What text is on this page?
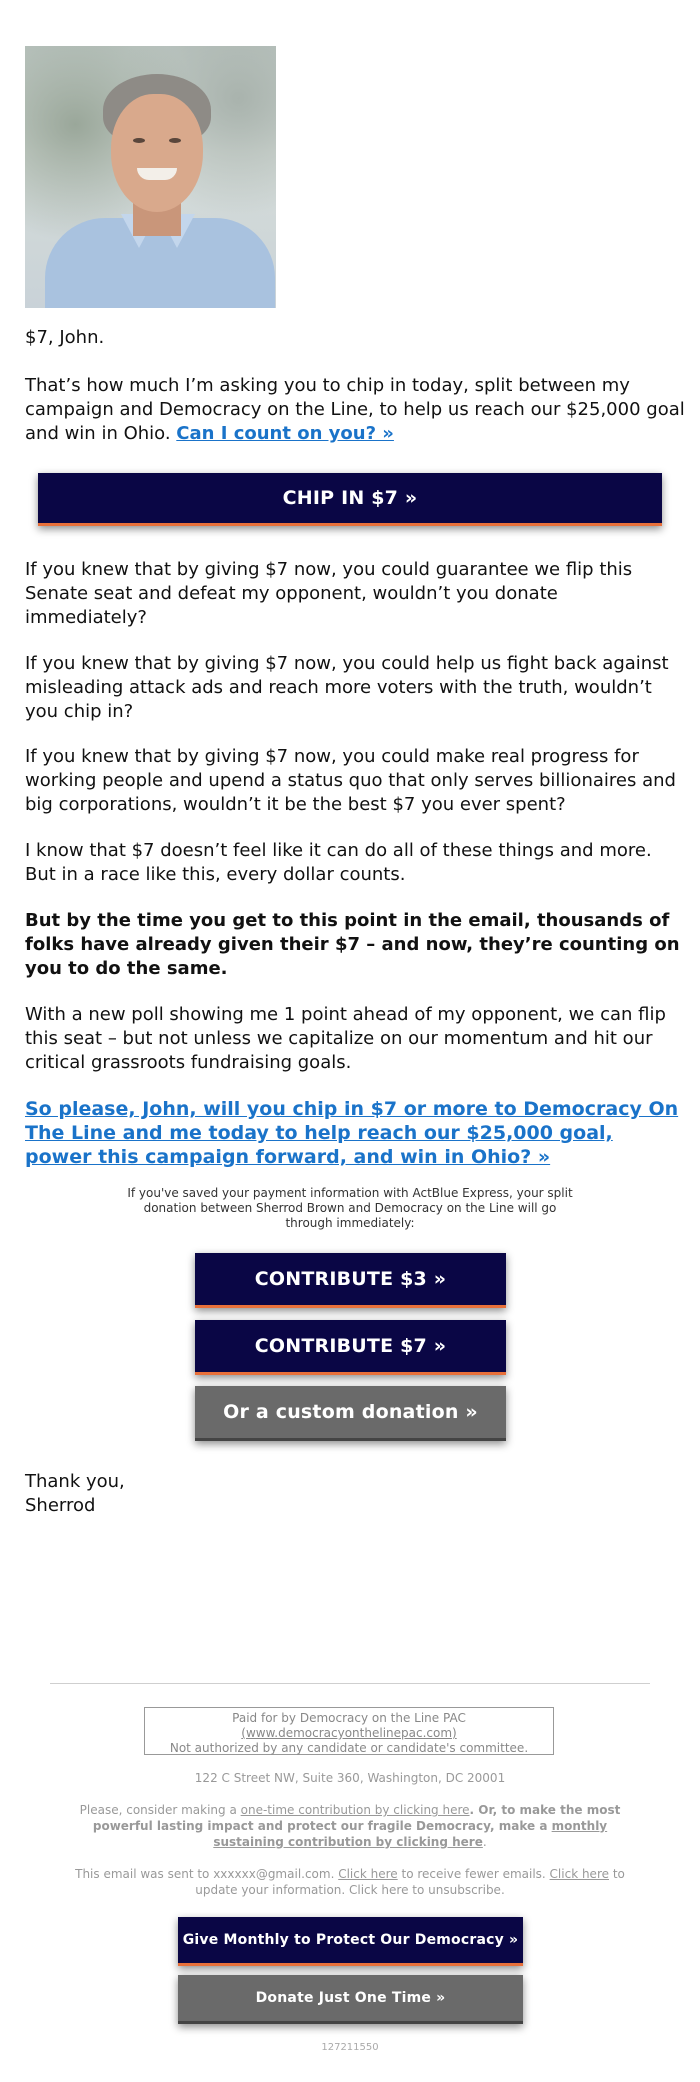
$7, John.

That’s how much I’m asking you to chip in today, split between my campaign and Democracy on the Line, to help us reach our $25,000 goal and win in Ohio. Can I count on you? »

CHIP IN $7 »

If you knew that by giving $7 now, you could guarantee we flip this Senate seat and defeat my opponent, wouldn’t you donate immediately?

If you knew that by giving $7 now, you could help us fight back against misleading attack ads and reach more voters with the truth, wouldn’t you chip in?

If you knew that by giving $7 now, you could make real progress for working people and upend a status quo that only serves billionaires and big corporations, wouldn’t it be the best $7 you ever spent?

I know that $7 doesn’t feel like it can do all of these things and more. But in a race like this, every dollar counts.

But by the time you get to this point in the email, thousands of folks have already given their $7 – and now, they’re counting on you to do the same.

With a new poll showing me 1 point ahead of my opponent, we can flip this seat – but not unless we capitalize on our momentum and hit our critical grassroots fundraising goals.

So please, John, will you chip in $7 or more to Democracy On The Line and me today to help reach our $25,000 goal, power this campaign forward, and win in Ohio? »

If you've saved your payment information with ActBlue Express, your split donation between Sherrod Brown and Democracy on the Line will go through immediately:
CONTRIBUTE $3 »
CONTRIBUTE $7 »
Or a custom donation »

Thank you,

Sherrod

Paid for by Democracy on the Line PAC
(www.democracyonthelinepac.com)
Not authorized by any candidate or candidate's committee.
122 C Street NW, Suite 360, Washington, DC 20001
Please, consider making a one-time contribution by clicking here. Or, to make the most powerful lasting impact and protect our fragile Democracy, make a monthly sustaining contribution by clicking here.
This email was sent to xxxxxx@gmail.com. Click here to receive fewer emails. Click here to update your information. Click here to unsubscribe.
Give Monthly to Protect Our Democracy »
Donate Just One Time »
127211550
